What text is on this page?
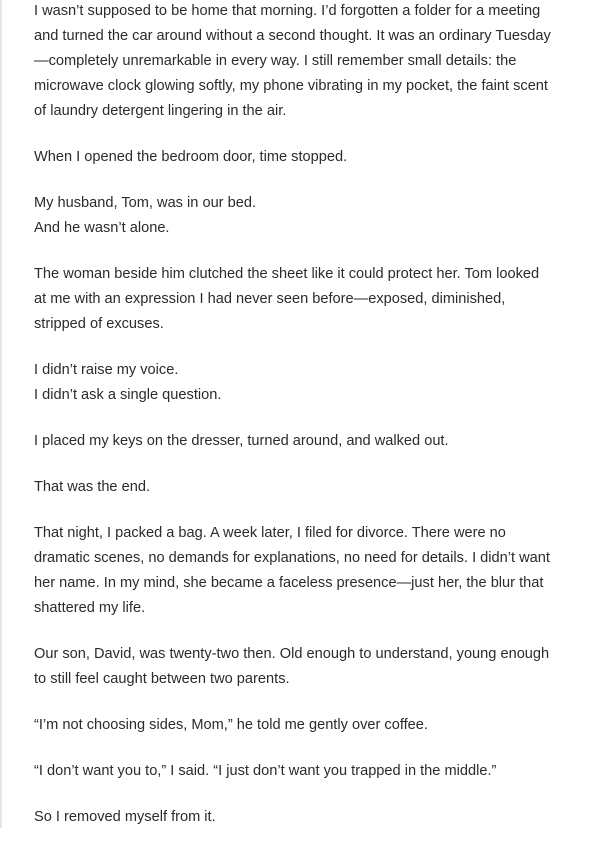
I wasn’t supposed to be home that morning. I’d forgotten a folder for a meeting
and turned the car around without a second thought. It was an ordinary Tuesday
—completely unremarkable in every way. I still remember small details: the
microwave clock glowing softly, my phone vibrating in my pocket, the faint scent
of laundry detergent lingering in the air.

When I opened the bedroom door, time stopped.

My husband, Tom, was in our bed.
And he wasn’t alone.

The woman beside him clutched the sheet like it could protect her. Tom looked
at me with an expression I had never seen before—exposed, diminished,
stripped of excuses.

I didn’t raise my voice.
I didn’t ask a single question.

I placed my keys on the dresser, turned around, and walked out.

That was the end.

That night, I packed a bag. A week later, I filed for divorce. There were no
dramatic scenes, no demands for explanations, no need for details. I didn’t want
her name. In my mind, she became a faceless presence—just her, the blur that
shattered my life.

Our son, David, was twenty-two then. Old enough to understand, young enough
to still feel caught between two parents.

“I’m not choosing sides, Mom,” he told me gently over coffee.

“I don’t want you to,” I said. “I just don’t want you trapped in the middle.”

So I removed myself from it.
